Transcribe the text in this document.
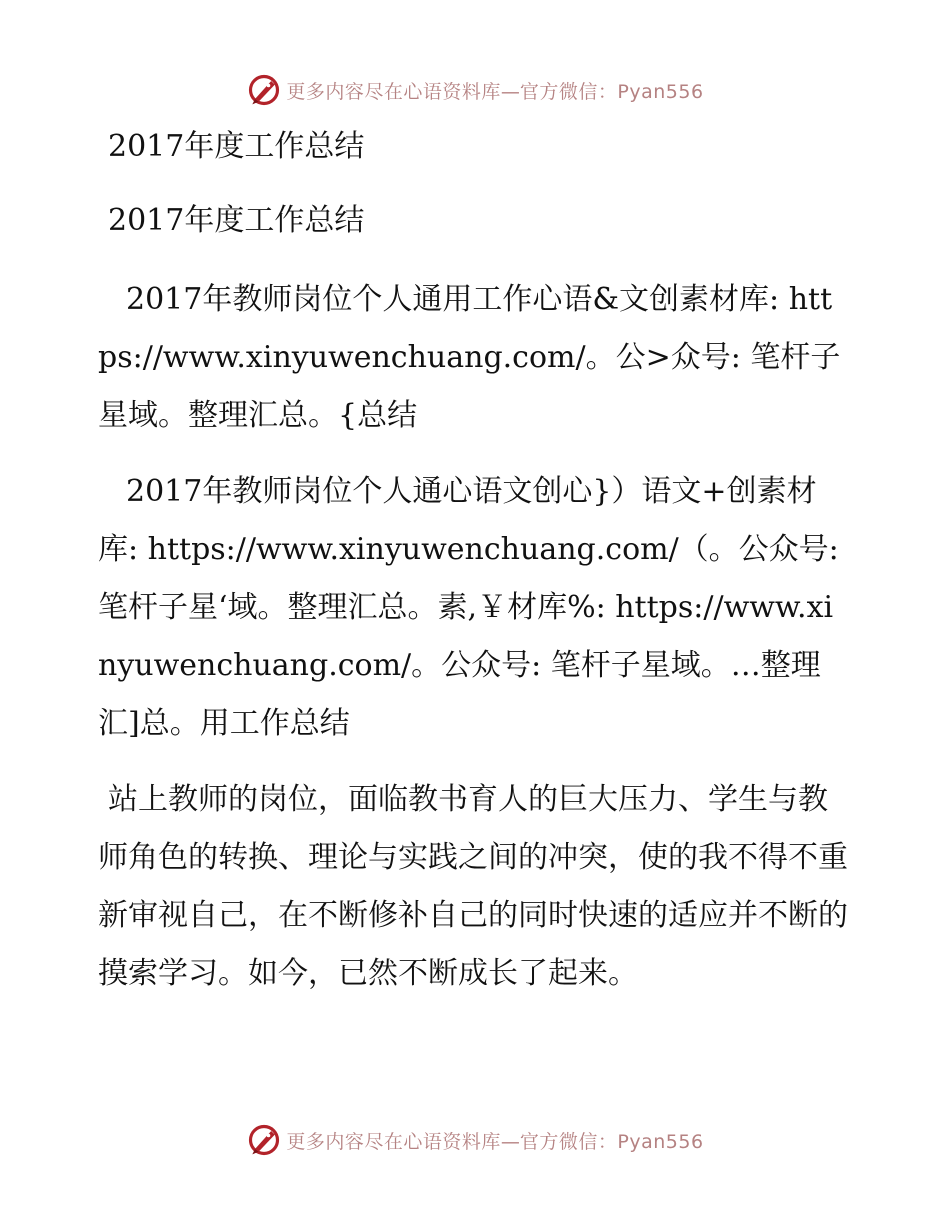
更多内容尽在心语资料库—官方微信：Pyan556

2017年度工作总结

2017年度工作总结

2017年教师岗位个人通用工作心语&文创素材库: https://www.xinyuwenchuang.com/。公>众号: 笔杆子星域。整理汇总。{总结

2017年教师岗位个人通心语文创心}）语文+创素材库: https://www.xinyuwenchuang.com/（。公众号: 笔杆子星‘域。整理汇总。素,￥材库%: https://www.xinyuwenchuang.com/。公众号: 笔杆子星域。…整理汇]总。用工作总结

站上教师的岗位，面临教书育人的巨大压力、学生与教师角色的转换、理论与实践之间的冲突，使的我不得不重新审视自己，在不断修补自己的同时快速的适应并不断的摸索学习。如今，已然不断成长了起来。

更多内容尽在心语资料库—官方微信：Pyan556
